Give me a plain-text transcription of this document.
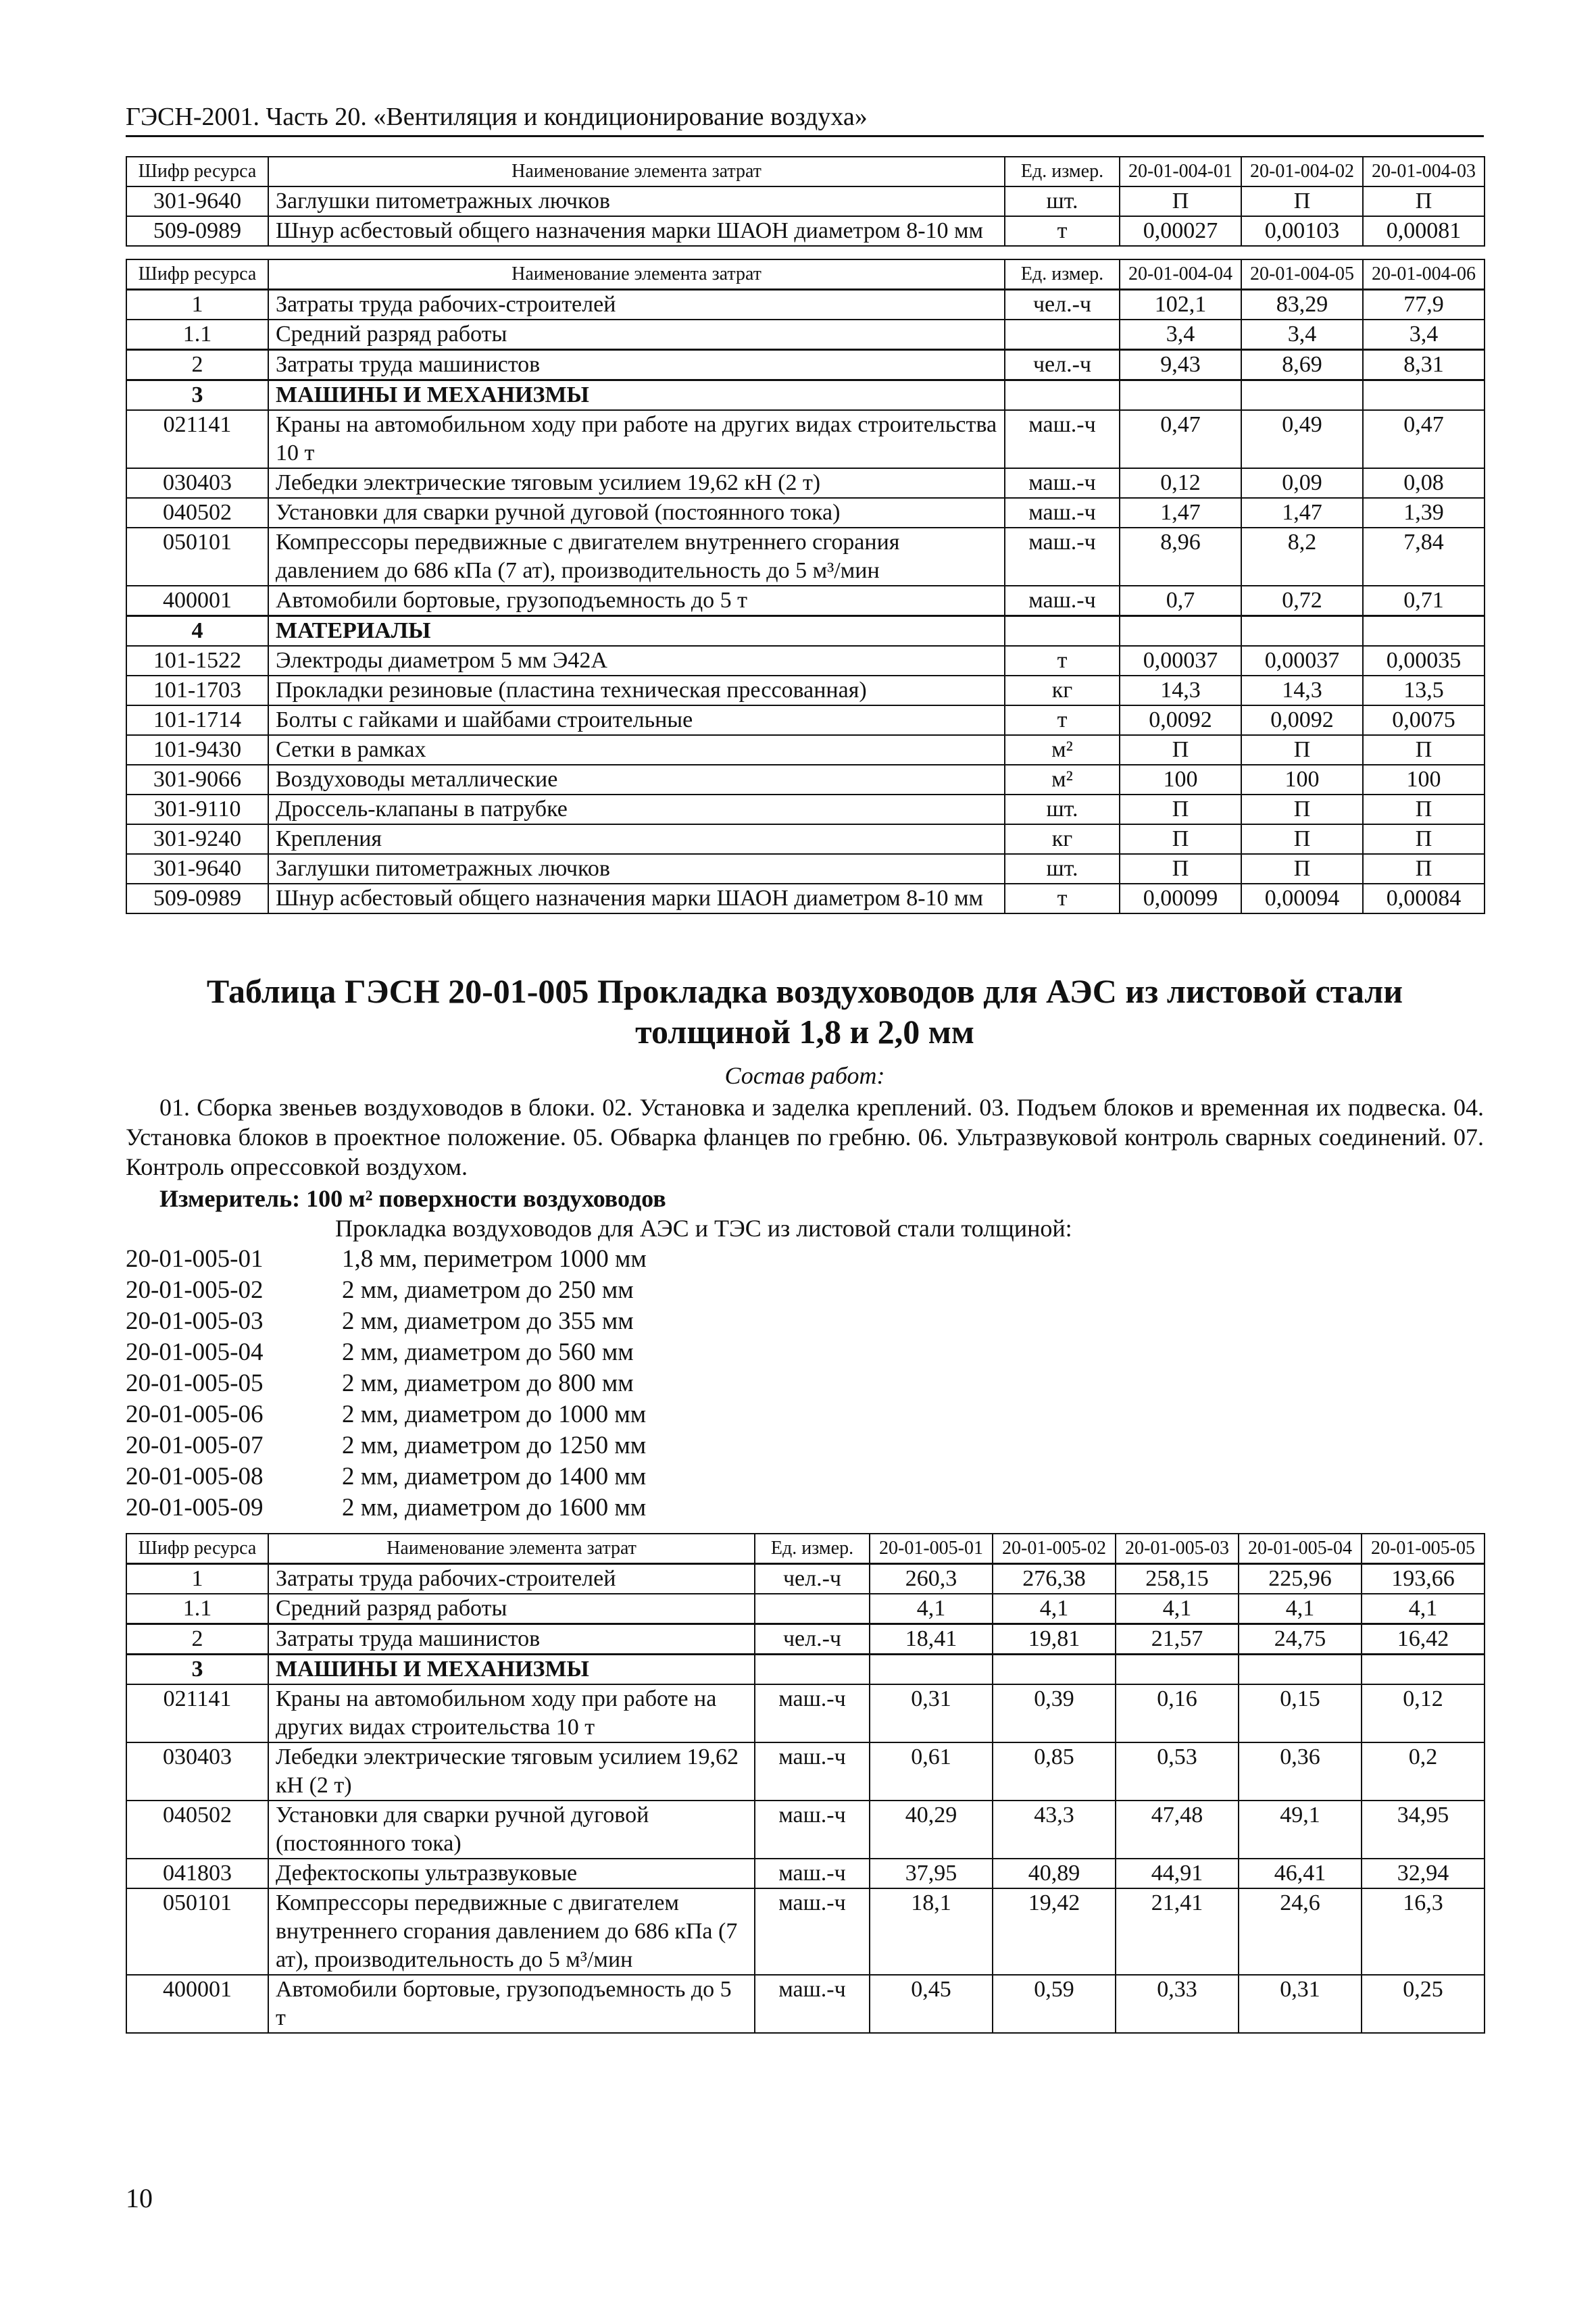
ГЭСН-2001. Часть 20. «Вентиляция и кондиционирование воздуха»
Шифр ресурса	Наименование элемента затрат	Ед. измер.	20-01-004-01	20-01-004-02	20-01-004-03
301-9640	Заглушки питометражных лючков	шт.	П	П	П
509-0989	Шнур асбестовый общего назначения марки ШАОН диаметром 8-10 мм	т	0,00027	0,00103	0,00081
Шифр ресурса	Наименование элемента затрат	Ед. измер.	20-01-004-04	20-01-004-05	20-01-004-06
1	Затраты труда рабочих-строителей	чел.-ч	102,1	83,29	77,9
1.1	Средний разряд работы		3,4	3,4	3,4
2	Затраты труда машинистов	чел.-ч	9,43	8,69	8,31
3	МАШИНЫ И МЕХАНИЗМЫ				
021141	Краны на автомобильном ходу при работе на других видах строительства 10 т	маш.-ч	0,47	0,49	0,47
030403	Лебедки электрические тяговым усилием 19,62 кН (2 т)	маш.-ч	0,12	0,09	0,08
040502	Установки для сварки ручной дуговой (постоянного тока)	маш.-ч	1,47	1,47	1,39
050101	Компрессоры передвижные с двигателем внутреннего сгорания давлением до 686 кПа (7 ат), производительность до 5 м³/мин	маш.-ч	8,96	8,2	7,84
400001	Автомобили бортовые, грузоподъемность до 5 т	маш.-ч	0,7	0,72	0,71
4	МАТЕРИАЛЫ				
101-1522	Электроды диаметром 5 мм Э42А	т	0,00037	0,00037	0,00035
101-1703	Прокладки резиновые (пластина техническая прессованная)	кг	14,3	14,3	13,5
101-1714	Болты с гайками и шайбами строительные	т	0,0092	0,0092	0,0075
101-9430	Сетки в рамках	м²	П	П	П
301-9066	Воздуховоды металлические	м²	100	100	100
301-9110	Дроссель-клапаны в патрубке	шт.	П	П	П
301-9240	Крепления	кг	П	П	П
301-9640	Заглушки питометражных лючков	шт.	П	П	П
509-0989	Шнур асбестовый общего назначения марки ШАОН диаметром 8-10 мм	т	0,00099	0,00094	0,00084
Таблица ГЭСН 20-01-005 Прокладка воздуховодов для АЭС из листовой стали толщиной 1,8 и 2,0 мм
Состав работ:
01. Сборка звеньев воздуховодов в блоки. 02. Установка и заделка креплений. 03. Подъем блоков и временная их подвеска. 04. Установка блоков в проектное положение. 05. Обварка фланцев по гребню. 06. Ультразвуковой контроль сварных соединений. 07. Контроль опрессовкой воздухом.
Измеритель: 100 м² поверхности воздуховодов
Прокладка воздуховодов для АЭС и ТЭС из листовой стали толщиной:
20-01-005-01	1,8 мм, периметром 1000 мм
20-01-005-02	2 мм, диаметром до 250 мм
20-01-005-03	2 мм, диаметром до 355 мм
20-01-005-04	2 мм, диаметром до 560 мм
20-01-005-05	2 мм, диаметром до 800 мм
20-01-005-06	2 мм, диаметром до 1000 мм
20-01-005-07	2 мм, диаметром до 1250 мм
20-01-005-08	2 мм, диаметром до 1400 мм
20-01-005-09	2 мм, диаметром до 1600 мм
Шифр ресурса	Наименование элемента затрат	Ед. измер.	20-01-005-01	20-01-005-02	20-01-005-03	20-01-005-04	20-01-005-05
1	Затраты труда рабочих-строителей	чел.-ч	260,3	276,38	258,15	225,96	193,66
1.1	Средний разряд работы		4,1	4,1	4,1	4,1	4,1
2	Затраты труда машинистов	чел.-ч	18,41	19,81	21,57	24,75	16,42
3	МАШИНЫ И МЕХАНИЗМЫ						
021141	Краны на автомобильном ходу при работе на других видах строительства 10 т	маш.-ч	0,31	0,39	0,16	0,15	0,12
030403	Лебедки электрические тяговым усилием 19,62 кН (2 т)	маш.-ч	0,61	0,85	0,53	0,36	0,2
040502	Установки для сварки ручной дуговой (постоянного тока)	маш.-ч	40,29	43,3	47,48	49,1	34,95
041803	Дефектоскопы ультразвуковые	маш.-ч	37,95	40,89	44,91	46,41	32,94
050101	Компрессоры передвижные с двигателем внутреннего сгорания давлением до 686 кПа (7 ат), производительность до 5 м³/мин	маш.-ч	18,1	19,42	21,41	24,6	16,3
400001	Автомобили бортовые, грузоподъемность до 5 т	маш.-ч	0,45	0,59	0,33	0,31	0,25
10
